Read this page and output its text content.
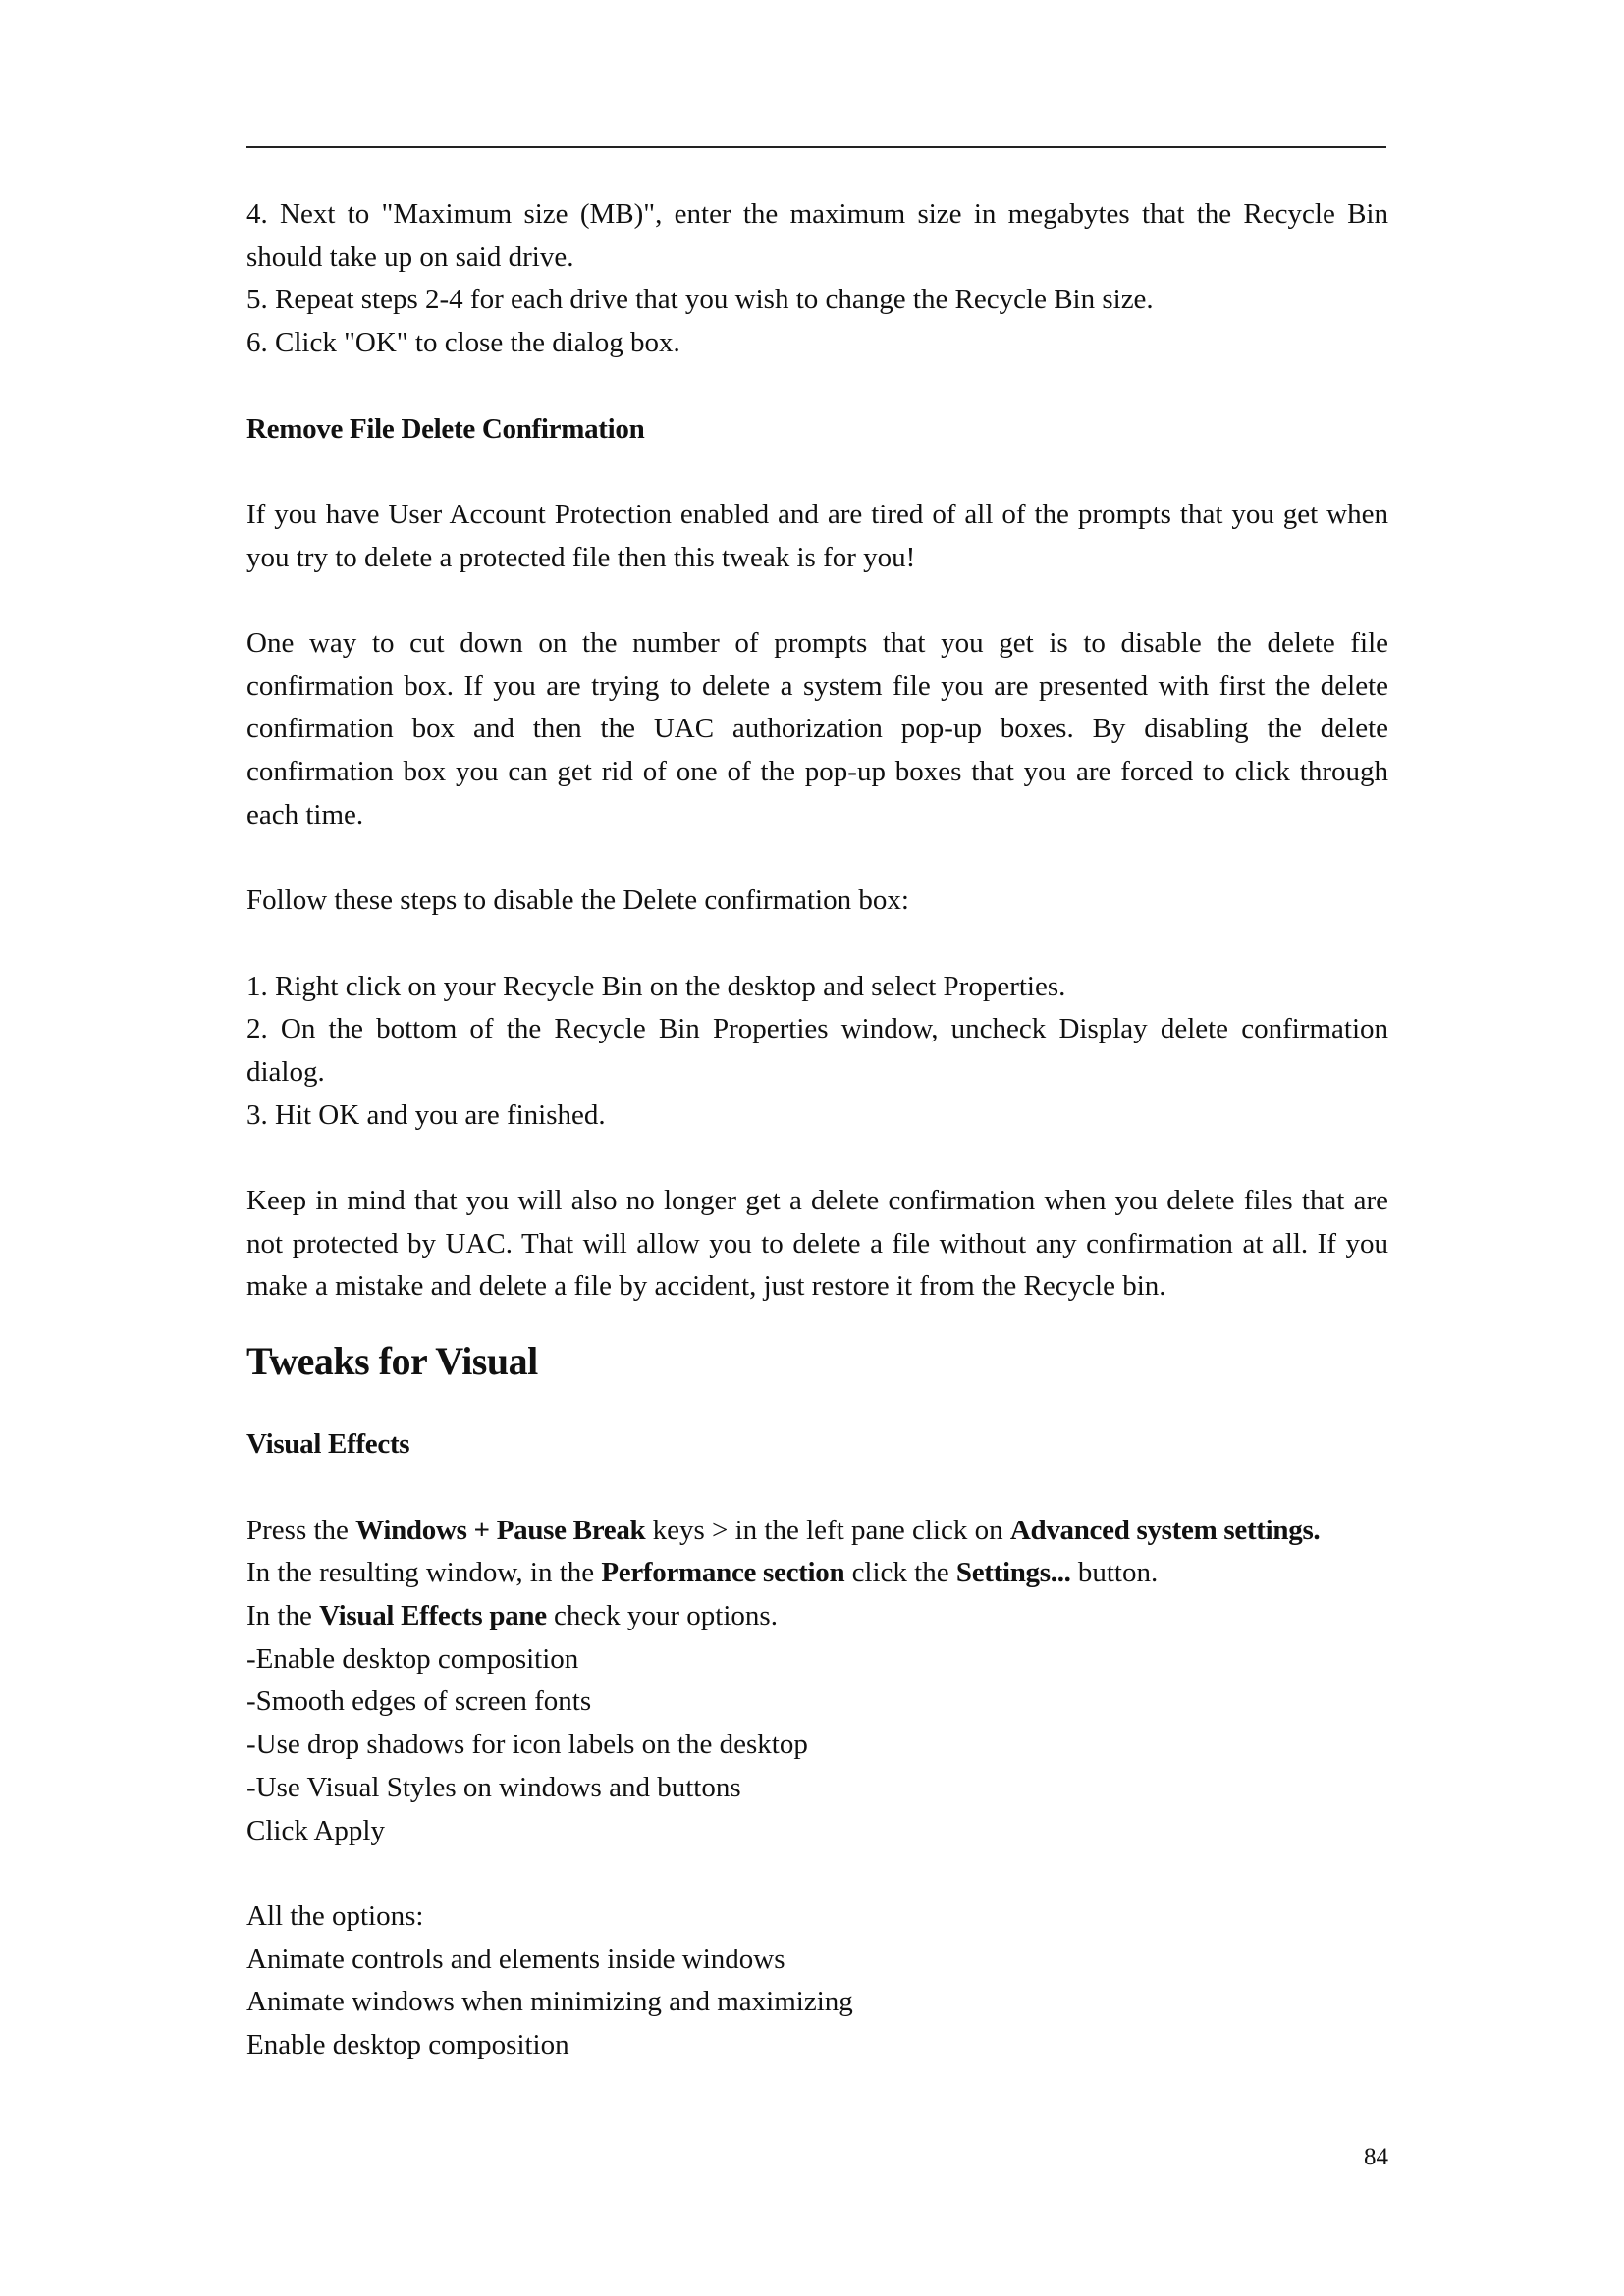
4. Next to "Maximum size (MB)", enter the maximum size in megabytes that the Recycle Bin should take up on said drive.

5. Repeat steps 2-4 for each drive that you wish to change the Recycle Bin size.

6. Click "OK" to close the dialog box.

Remove File Delete Confirmation

If you have User Account Protection enabled and are tired of all of the prompts that you get when you try to delete a protected file then this tweak is for you!

One way to cut down on the number of prompts that you get is to disable the delete file confirmation box. If you are trying to delete a system file you are presented with first the delete confirmation box and then the UAC authorization pop-up boxes. By disabling the delete confirmation box you can get rid of one of the pop-up boxes that you are forced to click through each time.

Follow these steps to disable the Delete confirmation box:

1. Right click on your Recycle Bin on the desktop and select Properties.

2. On the bottom of the Recycle Bin Properties window, uncheck Display delete confirmation dialog.

3. Hit OK and you are finished.

Keep in mind that you will also no longer get a delete confirmation when you delete files that are not protected by UAC. That will allow you to delete a file without any confirmation at all. If you make a mistake and delete a file by accident, just restore it from the Recycle bin.

Tweaks for Visual

Visual Effects

Press the Windows + Pause Break keys > in the left pane click on Advanced system settings.

In the resulting window, in the Performance section click the Settings... button.

In the Visual Effects pane check your options.

-Enable desktop composition

-Smooth edges of screen fonts

-Use drop shadows for icon labels on the desktop

-Use Visual Styles on windows and buttons

Click Apply

All the options:

Animate controls and elements inside windows

Animate windows when minimizing and maximizing

Enable desktop composition

84
